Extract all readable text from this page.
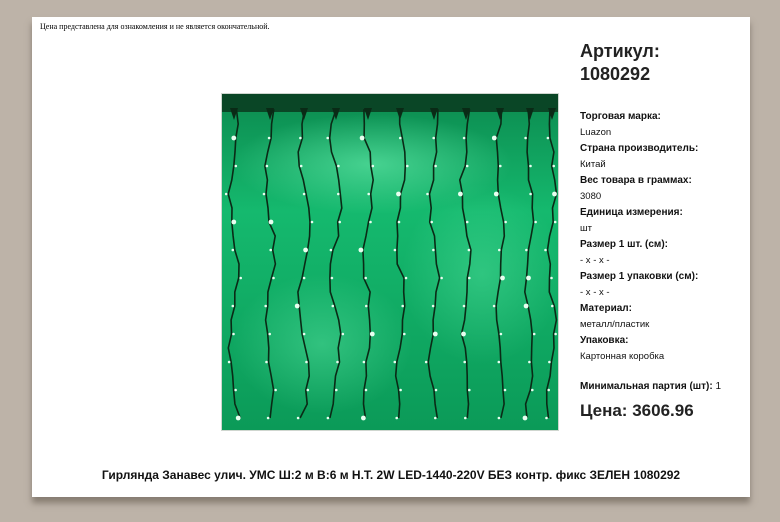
Цена представлена для ознакомления и не является окончательной.
Артикул:
1080292
Торговая марка:
Luazon
Страна производитель:
Китай
Вес товара в граммах:
3080
Единица измерения:
шт
Размер 1 шт. (см):
- x - x -
Размер 1 упаковки (см):
- x - x -
Материал:
металл/пластик
Упаковка:
Картонная коробка
Минимальная партия (шт): 1
Цена: 3606.96
Гирлянда Занавес улич. УМС Ш:2 м В:6 м Н.Т. 2W LED-1440-220V БЕЗ контр. фикс ЗЕЛЕН 1080292
